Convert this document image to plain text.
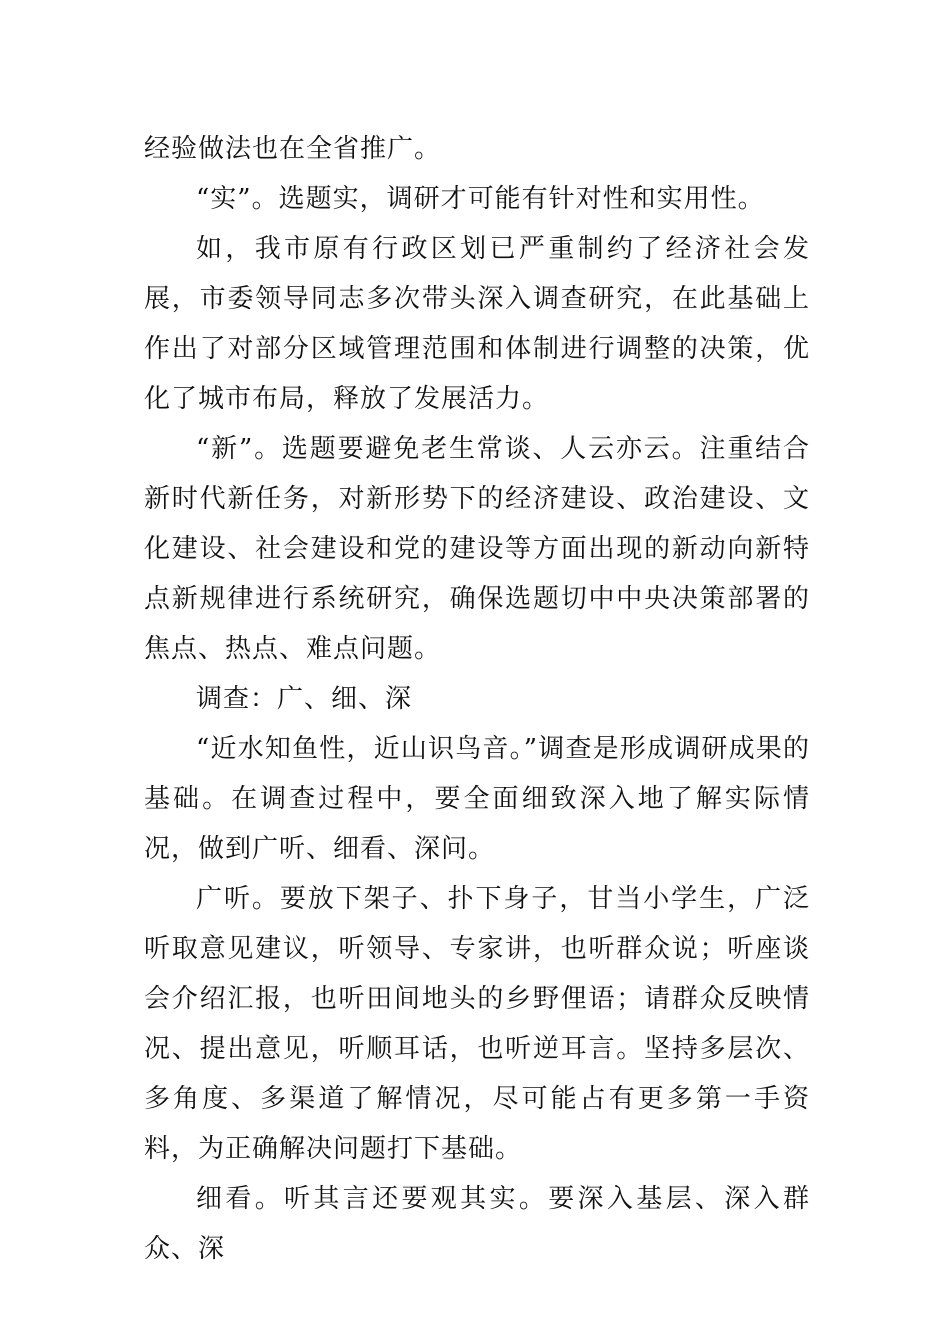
经验做法也在全省推广。

“实”。选题实，调研才可能有针对性和实用性。

如，我市原有行政区划已严重制约了经济社会发展，市委领导同志多次带头深入调查研究，在此基础上作出了对部分区域管理范围和体制进行调整的决策，优化了城市布局，释放了发展活力。

“新”。选题要避免老生常谈、人云亦云。注重结合新时代新任务，对新形势下的经济建设、政治建设、文化建设、社会建设和党的建设等方面出现的新动向新特点新规律进行系统研究，确保选题切中中央决策部署的焦点、热点、难点问题。

调查：广、细、深

“近水知鱼性，近山识鸟音。”调查是形成调研成果的基础。在调查过程中，要全面细致深入地了解实际情况，做到广听、细看、深问。

广听。要放下架子、扑下身子，甘当小学生，广泛听取意见建议，听领导、专家讲，也听群众说；听座谈会介绍汇报，也听田间地头的乡野俚语；请群众反映情况、提出意见，听顺耳话，也听逆耳言。坚持多层次、多角度、多渠道了解情况，尽可能占有更多第一手资料，为正确解决问题打下基础。

细看。听其言还要观其实。要深入基层、深入群众、深
